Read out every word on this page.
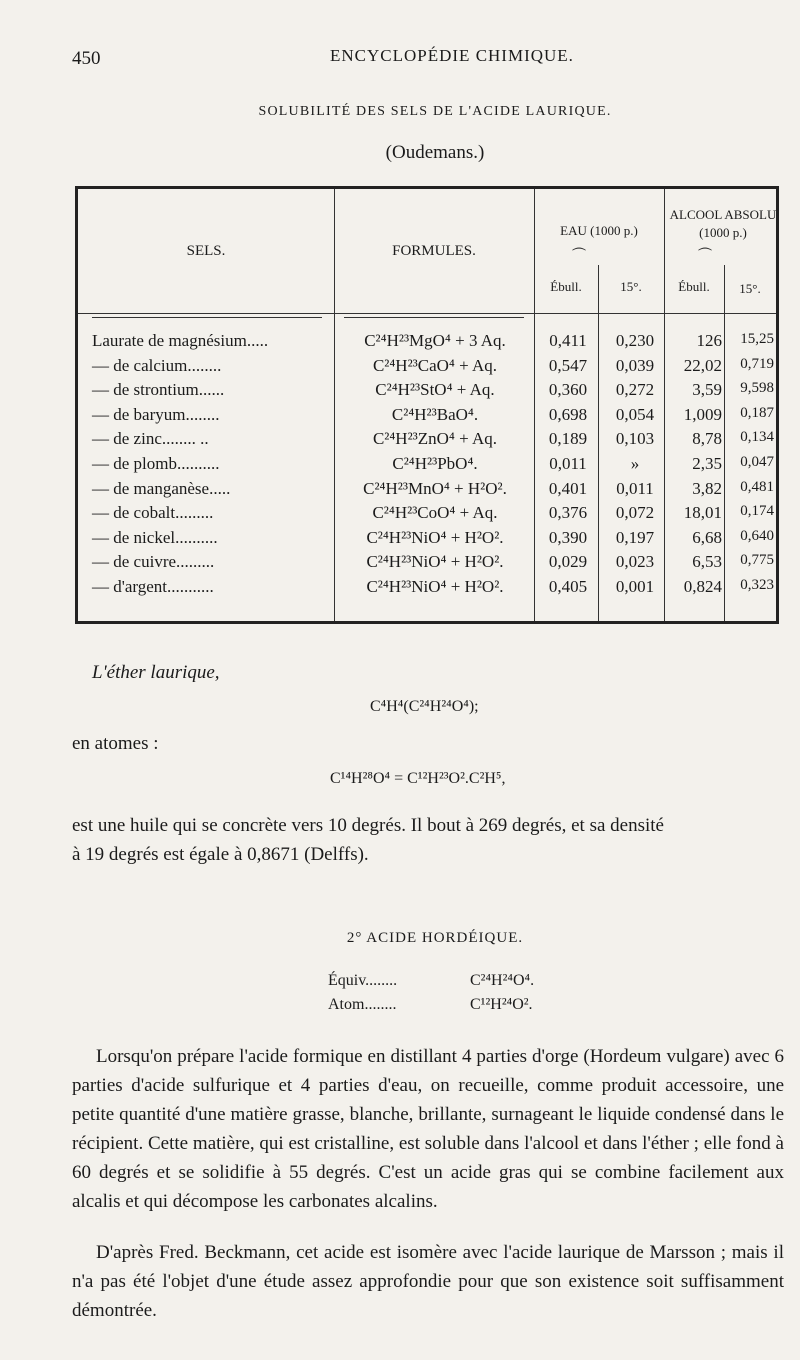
450	ENCYCLOPÉDIE CHIMIQUE.
SOLUBILITÉ DES SELS DE L'ACIDE LAURIQUE.
(Oudemans.)
SELS.	FORMULES.
EAU (1000 p.)
ALCOOL ABSOLU
(1000 p.)
⏜	⏜
Ébull.	15°.	Ébull.	15°.
Laurate de magnésium.....	C²⁴H²³MgO⁴ + 3 Aq.	0,411	0,230	126	15,25
— de calcium........	C²⁴H²³CaO⁴ + Aq.	0,547	0,039	22,02	0,719
— de strontium......	C²⁴H²³StO⁴ + Aq.	0,360	0,272	3,59	9,598
— de baryum........	C²⁴H²³BaO⁴.	0,698	0,054	1,009	0,187
— de zinc........ ..	C²⁴H²³ZnO⁴ + Aq.	0,189	0,103	8,78	0,134
— de plomb..........	C²⁴H²³PbO⁴.	0,011	»	2,35	0,047
— de manganèse.....	C²⁴H²³MnO⁴ + H²O².	0,401	0,011	3,82	0,481
— de cobalt.........	C²⁴H²³CoO⁴ + Aq.	0,376	0,072	18,01	0,174
— de nickel..........	C²⁴H²³NiO⁴ + H²O².	0,390	0,197	6,68	0,640
— de cuivre.........	C²⁴H²³NiO⁴ + H²O².	0,029	0,023	6,53	0,775
— d'argent...........	C²⁴H²³NiO⁴ + H²O².	0,405	0,001	0,824	0,323
L'éther laurique,
C⁴H⁴(C²⁴H²⁴O⁴);
en atomes :
C¹⁴H²⁸O⁴ = C¹²H²³O².C²H⁵,
est une huile qui se concrète vers 10 degrés. Il bout à 269 degrés, et sa densité
à 19 degrés est égale à 0,8671 (Delffs).
2° ACIDE HORDÉIQUE.
Équiv........	C²⁴H²⁴O⁴.
Atom........	C¹²H²⁴O².
Lorsqu'on prépare l'acide formique en distillant 4 parties d'orge (Hordeum vulgare) avec 6 parties d'acide sulfurique et 4 parties d'eau, on recueille, comme produit accessoire, une petite quantité d'une matière grasse, blanche, brillante, surnageant le liquide condensé dans le récipient. Cette matière, qui est cristalline, est soluble dans l'alcool et dans l'éther ; elle fond à 60 degrés et se solidifie à 55 degrés. C'est un acide gras qui se combine facilement aux alcalis et qui décompose les carbonates alcalins.
D'après Fred. Beckmann, cet acide est isomère avec l'acide laurique de Marsson ; mais il n'a pas été l'objet d'une étude assez approfondie pour que son existence soit suffisamment démontrée.
